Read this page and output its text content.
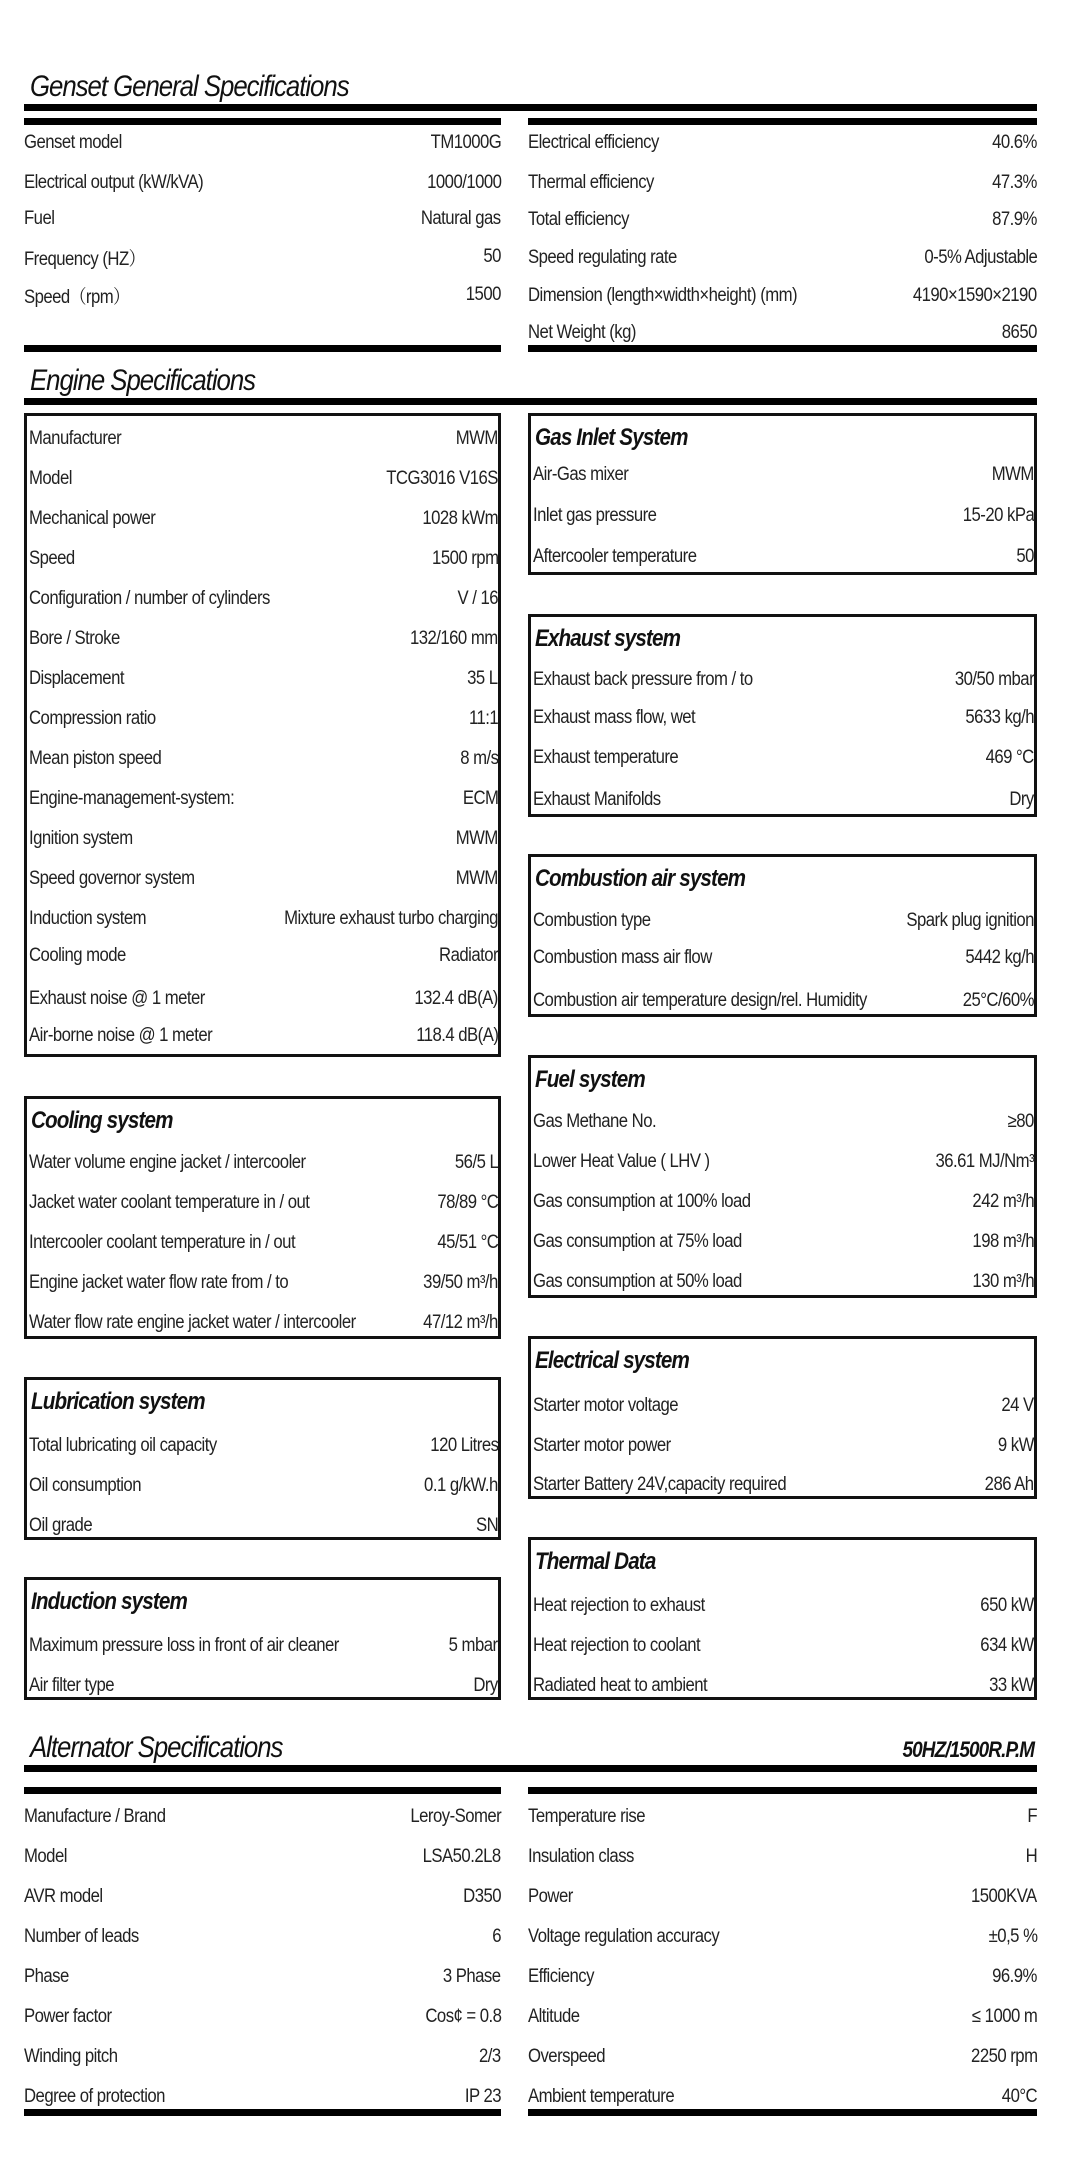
Genset General Specifications
Genset model	TM1000G
Electrical output (kW/kVA)	1000/1000
Fuel	Natural gas
Frequency (HZ）	50
Speed（rpm）	1500
Electrical efficiency	40.6%
Thermal efficiency	47.3%
Total efficiency	87.9%
Speed regulating rate	0-5% Adjustable
Dimension (length×width×height) (mm)	4190×1590×2190
Net Weight (kg)	8650
Engine Specifications
Manufacturer	MWM
Model	TCG3016 V16S
Mechanical power	1028 kWm
Speed	1500 rpm
Configuration / number of cylinders	V / 16
Bore / Stroke	132/160 mm
Displacement	35 L
Compression ratio	11:1
Mean piston speed	8 m/s
Engine-management-system:	ECM
Ignition system	MWM
Speed governor system	MWM
Induction system	Mixture exhaust turbo charging
Cooling mode	Radiator
Exhaust noise @ 1 meter	132.4 dB(A)
Air-borne noise @ 1 meter	118.4 dB(A)
Gas Inlet System
Air-Gas mixer	MWM
Inlet gas pressure	15-20 kPa
Aftercooler temperature	50
Exhaust system
Exhaust back pressure from / to	30/50 mbar
Exhaust mass flow, wet	5633 kg/h
Exhaust temperature	469 °C
Exhaust Manifolds	Dry
Combustion air system
Combustion type	Spark plug ignition
Combustion mass air flow	5442 kg/h
Combustion air temperature design/rel. Humidity	25°C/60%
Fuel system
Gas Methane No.	≥80
Lower Heat Value ( LHV )	36.61 MJ/Nm³
Gas consumption at 100% load	242 m³/h
Gas consumption at 75% load	198 m³/h
Gas consumption at 50% load	130 m³/h
Cooling system
Water volume engine jacket / intercooler	56/5 L
Jacket water coolant temperature in / out	78/89 °C
Intercooler coolant temperature in / out	45/51 °C
Engine jacket water flow rate from / to	39/50 m³/h
Water flow rate engine jacket water / intercooler	47/12 m³/h
Electrical system
Starter motor voltage	24 V
Starter motor power	9 kW
Starter Battery 24V,capacity required	286 Ah
Lubrication system
Total lubricating oil capacity	120 Litres
Oil consumption	0.1 g/kW.h
Oil grade	SN
Thermal Data
Heat rejection to exhaust	650 kW
Heat rejection to coolant	634 kW
Radiated heat to ambient	33 kW
Induction system
Maximum pressure loss in front of air cleaner	5 mbar
Air filter type	Dry
Alternator Specifications	50HZ/1500R.P.M
Manufacture / Brand	Leroy-Somer
Model	LSA50.2L8
AVR model	D350
Number of leads	6
Phase	3 Phase
Power factor	Cos¢ = 0.8
Winding pitch	2/3
Degree of protection	IP 23
Temperature rise	F
Insulation class	H
Power	1500KVA
Voltage regulation accuracy	±0,5 %
Efficiency	96.9%
Altitude	≤ 1000 m
Overspeed	2250 rpm
Ambient temperature	40°C
